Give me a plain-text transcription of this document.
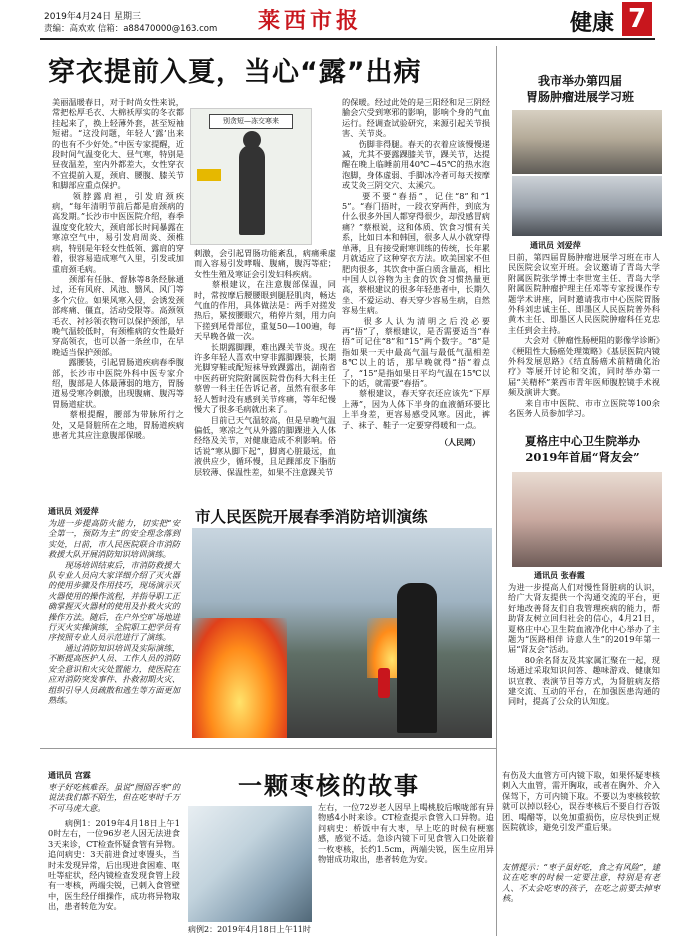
2019年4月24日 星期三
责编：高欢欢 信箱：a88470000@163.com 莱西市报	健康 7
穿衣提前入夏，当心“露”出病
别贪短—冻交寒来
美丽温暖春日，对于时尚女性来说，常把松厚毛衣、大棉袄厚实的冬衣都挂起来了，换上轻薄外套，甚至短袖短裙。“这没问题，年轻人‘露’出来的也有不少好处。”中医专家提醒，近段时间气温变化大、昼气寒，特别是昼夜温差，室内外都差大，女性穿衣不宜提前入夏，颈肩、腰腹、膝关节和脚部应重点保护。
　　领脖露肩袒，引发肩颈疾病，“每年清明节前后都是肩颈病的高发期。”长沙市中医医院介绍，春季温度变化较大，颈肩部长时间暴露在寒凉空气中，易引发肩周炎、颈椎病，特别是年轻女性低领、露肩的穿着，很容易造成寒气入里，引发或加重肩颈毛病。
　　颈部有任脉、督脉等8条经脉通过，还有风府、风池、翳风、风门等多个穴位。如果风寒入侵，会诱发颈部疼痛、僵直，活动受限等。高颈领毛衣、衬衫领衣物可以保护颈部，早晚气温较低时，有颈椎病的女性最好穿高领衣，也可以备一条丝巾，在早晚适当保护颈部。
　　露腰装，引起胃肠道疾病春季腹部，长沙市中医院外科中医专家介绍，腹部是人体最薄弱的地方，胃肠道易受寒冷刺激，出现腹痛、腹泻等胃肠道症状。
　　蔡根提醒，腰部为带脉所行之处，又是肾脏所在之地，胃肠道疾病患者尤其应注意腹部保暖。
刺激，会引起胃肠功能紊乱，病痛乘虚而入容易引发哮喘、腹痛，腹泻等症；女性生殖及寒证会引发妇科疾病。
　　蔡根建议，在注意腹部保温，同时，常按摩后腰腰眼到腿胫肌肉，畅达气血的作用，具体做法是：两手对搓发热后，紧按腰眼穴，稍停片刻，用力向下搓到尾骨部位，重复50—100遍，每天早晚各做一次。
　　长期露脚踝，难出踝关节炎。现在许多年轻人喜欢中穿非露脚踝装，长期光脚穿鞋或配短袜导致踝露出，湖南省中医药研究院附属医院骨伤科大科主任蔡曾一科主任告诉记者，虽然有很多年轻人暂时没有感到关节疼痛，等年纪慢慢大了很多毛病就出来了。
　　目前已天气温较高，但是早晚气温偏低，寒凉之气从外露的脚踝进入人体经络及关节，对健康造成不利影响。俗话说“寒从脚下起”，脚离心脏最远，血液供应少，循环慢，且足踝部皮下脂肪层较薄、保温性差，如果不注意踝关节
的保暖。经过此处的是三阳经和足三阴经腧会穴受到寒邪的影响，影响个身的气血运行。经调查试验研究，来源引起关节损害、关节炎。
　　伤脚非得腿。春天的衣着应该慢慢递减，尤其不要露踝膝关节，踝关节，达提醒在晚上临睡前用40℃~45℃的热水泡泡脚，身体虚弱、手脚冰冷者可每天按摩或艾灸三阴交穴、太溪穴。
　　要不要“春捂”，记住“8”和“15”。“春门捂时，一段衣穿两件，到底为什么很多外国人都穿得很少，却没感冒病痛？”蔡根说，这和体质、饮食习惯有关系，比如日本和韩国，很多人从小就穿得单薄，且有接受耐寒训练的传统，长年累月就适应了这种穿衣方法。欧美国家不但肥肉很多，其饮食中蛋白质含量高，相比中国人以谷物为主食的饮食习惯热量更高，蔡根建议的很多年轻患者中，长期久坐、不爱运动、春天穿少容易生病，自然容易生病。
　　很多人认为清明之后没必要再“捂”了，蔡根建议，是否需要适当“春捂”可记住“8”和“15”两个数字。“8”是指如果一天中最高气温与最低气温相差8℃以上的话，那早晚就得“捂”着点了，“15”是指如果日平均气温在15℃以下的话，就需要“春捂”。
　　蔡根建议，春天穿衣还应该先“下厚上薄”，因为人体下半身的血液循环要比上半身差，更容易感受风寒。因此，裤子、袜子、鞋子一定要穿得暖和一点。
（人民网）
我市举办第四届
胃肠肿瘤进展学习班
通讯员 刘爱萍
日前，第四届胃肠肿瘤进展学习班在市人民医院会议室开班。会议邀请了青岛大学附属医院张学博士李世宽主任、青岛大学附属医院肿瘤护理主任邓等专家授课作专题学术讲座，同时邀请我市中心医院胃肠外科刘忠诚主任、即墨区人民医院普外科黄木主任、即墨区人民医院肿瘤科任克忠主任到会主持。
　　大会对《肿瘤性肠梗阻的影像学诊断》《梗阻性大肠癌处理策略》《基层医院内镜外科发展思路》《结直肠癌术前精确化治疗》等展开讨论和交流，同时举办第一届“关精杯”莱西市青年医师腹腔镜手术视频及演讲大赛。
　　来自市中医院、市市立医院等100余名医务人员参加学习。
夏格庄中心卫生院举办
2019年首届“肾友会”
通讯员 张春霞
为进一步提高人们对慢性肾脏病的认识，给广大肾友提供一个沟通交流的平台，更好地改善肾友们自我管理疾病的能力，帮助肾友树立回归社会的信心，4月21日，夏格庄中心卫生院血液净化中心举办了主题为“医路相伴 诗意人生”的2019年第一届“肾友会”活动。
　　80余名肾友及其家属汇聚在一起，现场通过采取知识问答、趣味游戏、健康知识宣教、表演节目等方式，为肾脏病友搭建交流、互动的平台，在加强医患沟通的同时，提高了公众的认知度。
市人民医院开展春季消防培训演练
通讯员 刘爱萍
为进一步提高防火能力，切实把“安全第一，预防为主”的安全理念落到实处，日前，市人民医院联合市消防救援大队开展消防知识培训演练。
　　现场培训结束后，市消防救援大队专业人员向大家详细介绍了灭火器的使用步骤及作用技巧，现场演示灭火器使用的操作流程，并指导职工正确掌握灭火器材的使用及扑救火灾的操作方法。随后，在户外空旷场地进行灭火实操演练，全院职工把学员有序按照专业人员示范进行了演练。
　　通过消防知识培训及实际演练，不断提高医护人员、工作人员的消防安全意识和火灾处置能力，使医院在应对消防突发事件、扑救初期火灾、组织引导人员疏散和逃生等方面更加熟练。
一颗枣核的故事
通讯员 宫霖
枣子好吃核难吞。虽说“囫囵吞枣”的说法我们都不陌生，但在吃枣时千万不可马虎大意。
　　病例1：2019年4月18日上午10时左右，一位96岁老人因无法进食3天来诊，CT检查怀疑食管有异物。追问病史：3天前进食过枣馒头，当时未发现异常，后出现进食困难、呕吐等症状，经内镜检查发现食管上段有一枣核，两端尖锐，已刺入食管壁中，医生经仔细操作，成功将异物取出，患者转危为安。
病例2：2019年4月18日上午11时
左右，一位72岁老人因早上喝桃胶后喉咙部有异物感4小时来诊。CT检查提示食管入口异物。追问病史：桥饭中有大枣，早上吃的时候有梗塞感，感觉不适。急诊内镜下可见食管入口处嵌着一枚枣核，长约1.5cm，两端尖锐，医生应用异物钳成功取出，患者转危为安。
有伤及大血管方可内镜下取，如果怀疑枣核刺入大血管，需开胸取，或者在胸外、介入保驾下，方可内镜下取。不要以为枣核较软就可以掉以轻心，误吞枣核后不要自行吞饭团、喝醋等，以免加重损伤，应尽快到正规医院就诊，避免引发严重后果。
友情提示：“枣子虽好吃，食之有风险”，建议在吃枣的时候一定要注意，特别是有老人、不太会吃枣的孩子，在吃之前要去掉枣核。
